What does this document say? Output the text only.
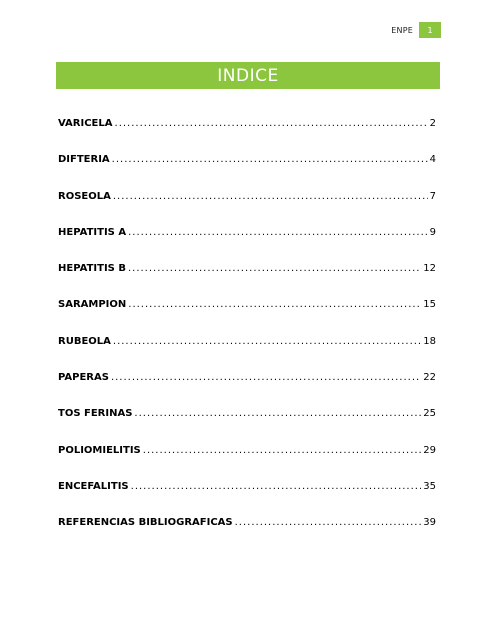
ENPE	1
INDICE
VARICELA .....	2
DIFTERIA .....	4
ROSEOLA .....	7
HEPATITIS A .....	9
HEPATITIS B .....	12
SARAMPION .....	15
RUBEOLA .....	18
PAPERAS .....	22
TOS FERINAS .....	25
POLIOMIELITIS .....	29
ENCEFALITIS .....	35
REFERENCIAS BIBLIOGRAFICAS .....	39
